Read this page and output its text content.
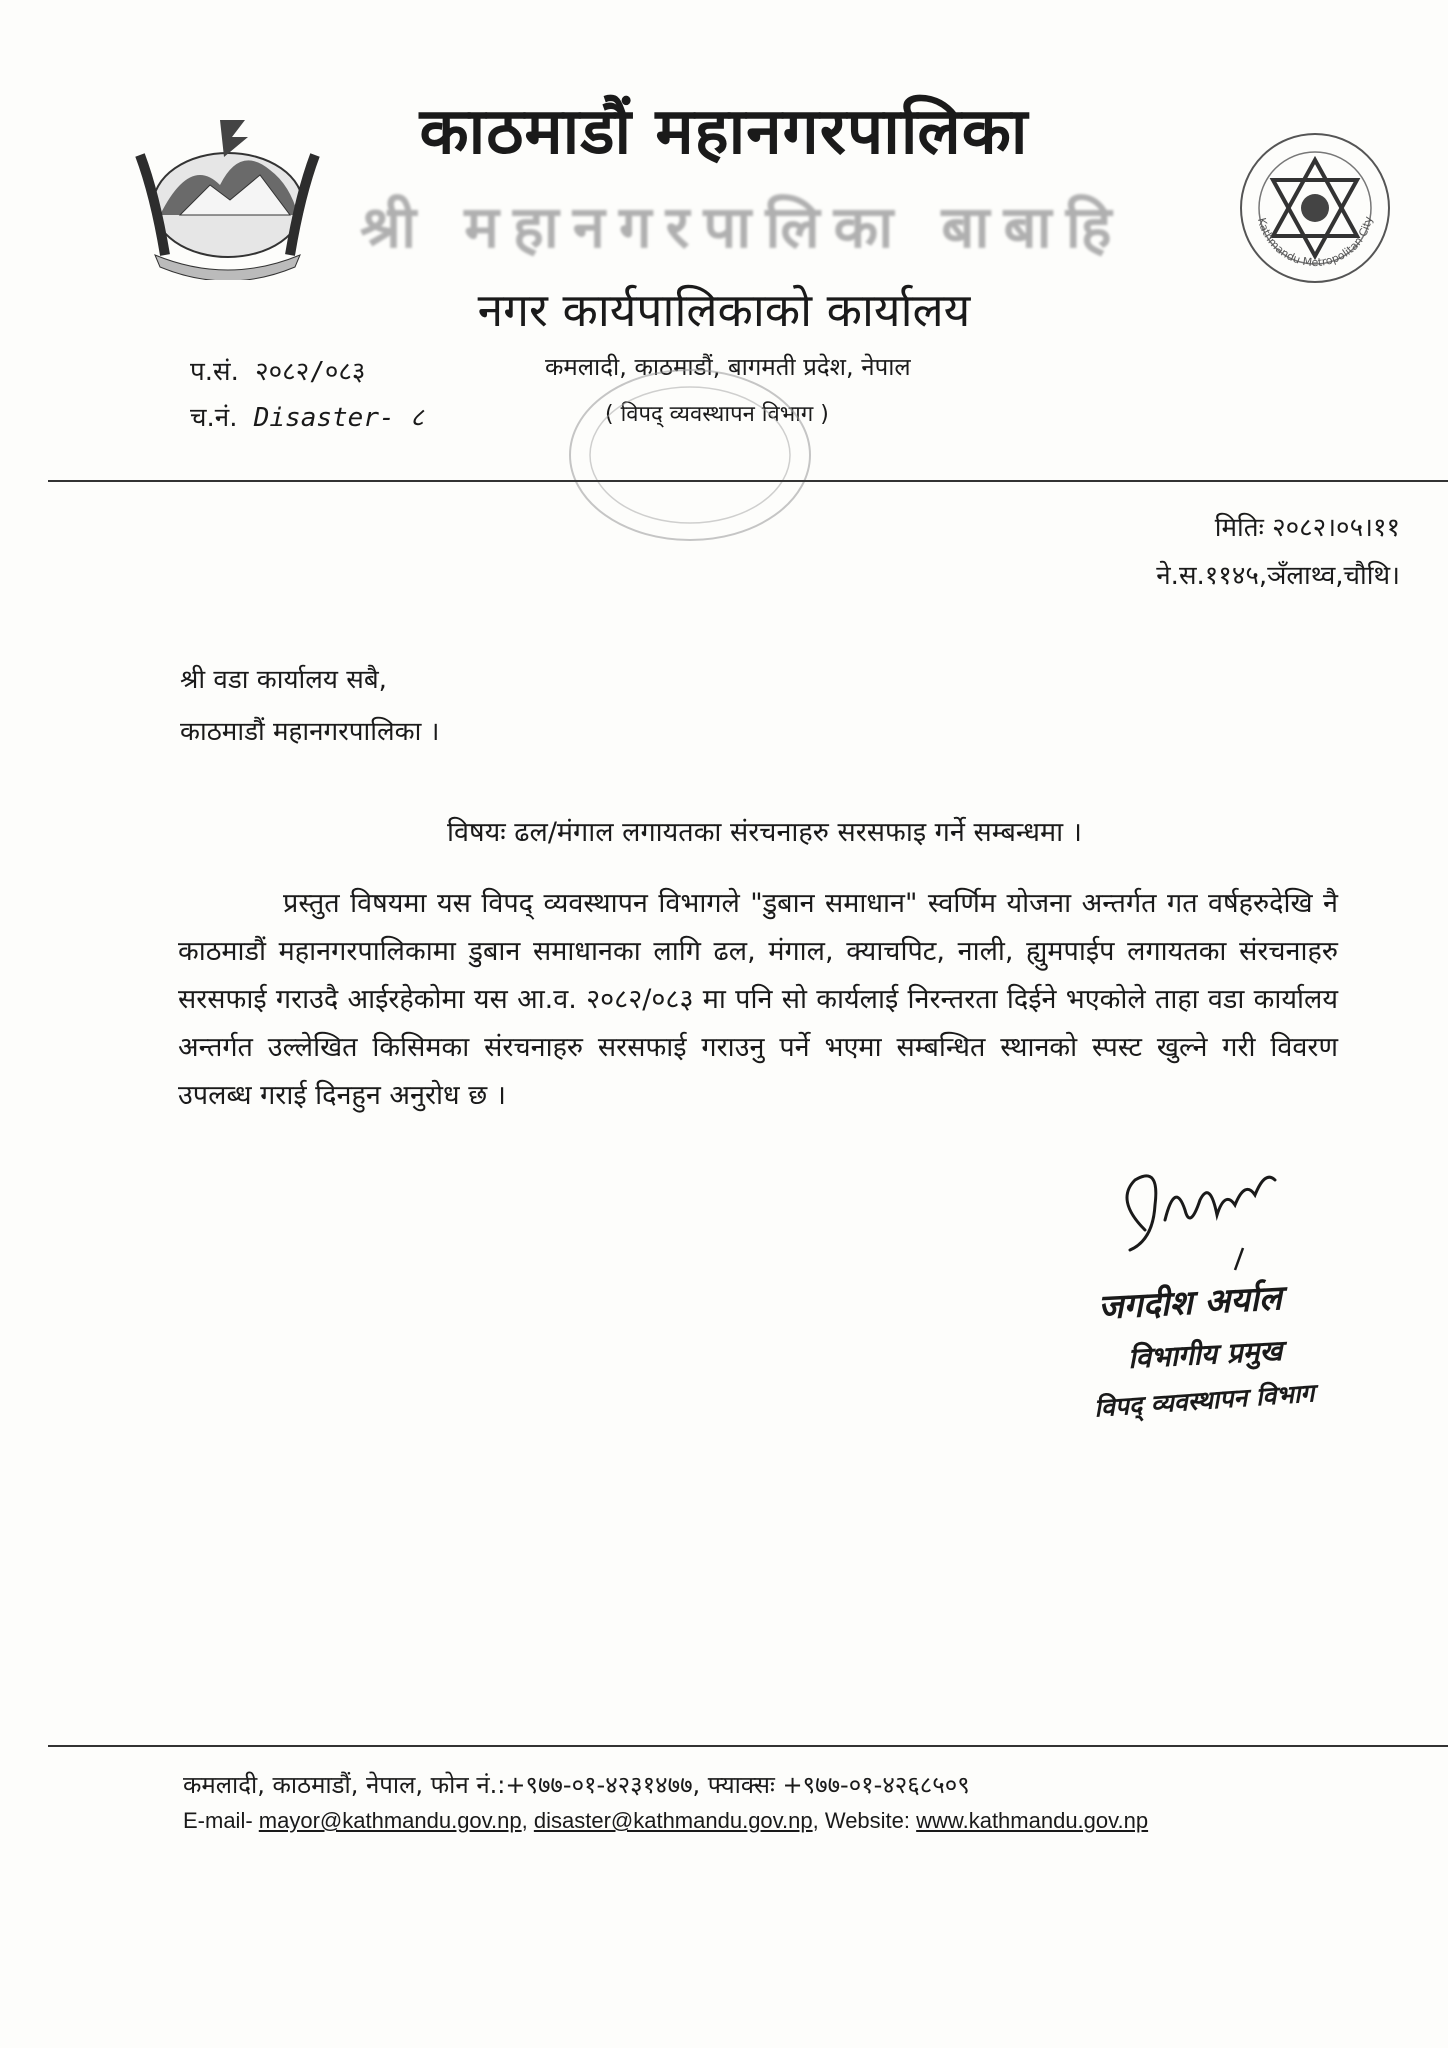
Kathmandu Metropolitan City
काठमाडौं महानगरपालिका
श्री महानगरपालिका बाबाहि
नगर कार्यपालिकाको कार्यालय
प.सं. २०८२/०८३
च.नं. Disaster- ८
कमलादी, काठमाडौं, बागमती प्रदेश, नेपाल
( विपद् व्यवस्थापन विभाग )
मितिः २०८२।०५।११
ने.स.११४५,ञँलाथ्व,चौथि।
श्री वडा कार्यालय सबै,
काठमाडौं महानगरपालिका ।
विषयः ढल/मंगाल लगायतका संरचनाहरु सरसफाइ गर्ने सम्बन्धमा ।
प्रस्तुत विषयमा यस विपद् व्यवस्थापन विभागले "डुबान समाधान" स्वर्णिम योजना अन्तर्गत गत वर्षहरुदेखि नै काठमाडौं महानगरपालिकामा डुबान समाधानका लागि ढल, मंगाल, क्याचपिट, नाली, ह्युमपाईप लगायतका संरचनाहरु सरसफाई गराउदै आईरहेकोमा यस आ.व. २०८२/०८३ मा पनि सो कार्यलाई निरन्तरता दिईने भएकोले ताहा वडा कार्यालय अन्तर्गत उल्लेखित किसिमका संरचनाहरु सरसफाई गराउनु पर्ने भएमा सम्बन्धित स्थानको स्पस्ट खुल्ने गरी विवरण उपलब्ध गराई दिनहुन अनुरोध छ ।
जगदीश अर्याल
विभागीय प्रमुख
विपद् व्यवस्थापन विभाग
कमलादी, काठमाडौं, नेपाल, फोन नं.:+९७७-०१-४२३१४७७, फ्याक्सः +९७७-०१-४२६८५०९
E-mail- mayor@kathmandu.gov.np, disaster@kathmandu.gov.np, Website: www.kathmandu.gov.np
